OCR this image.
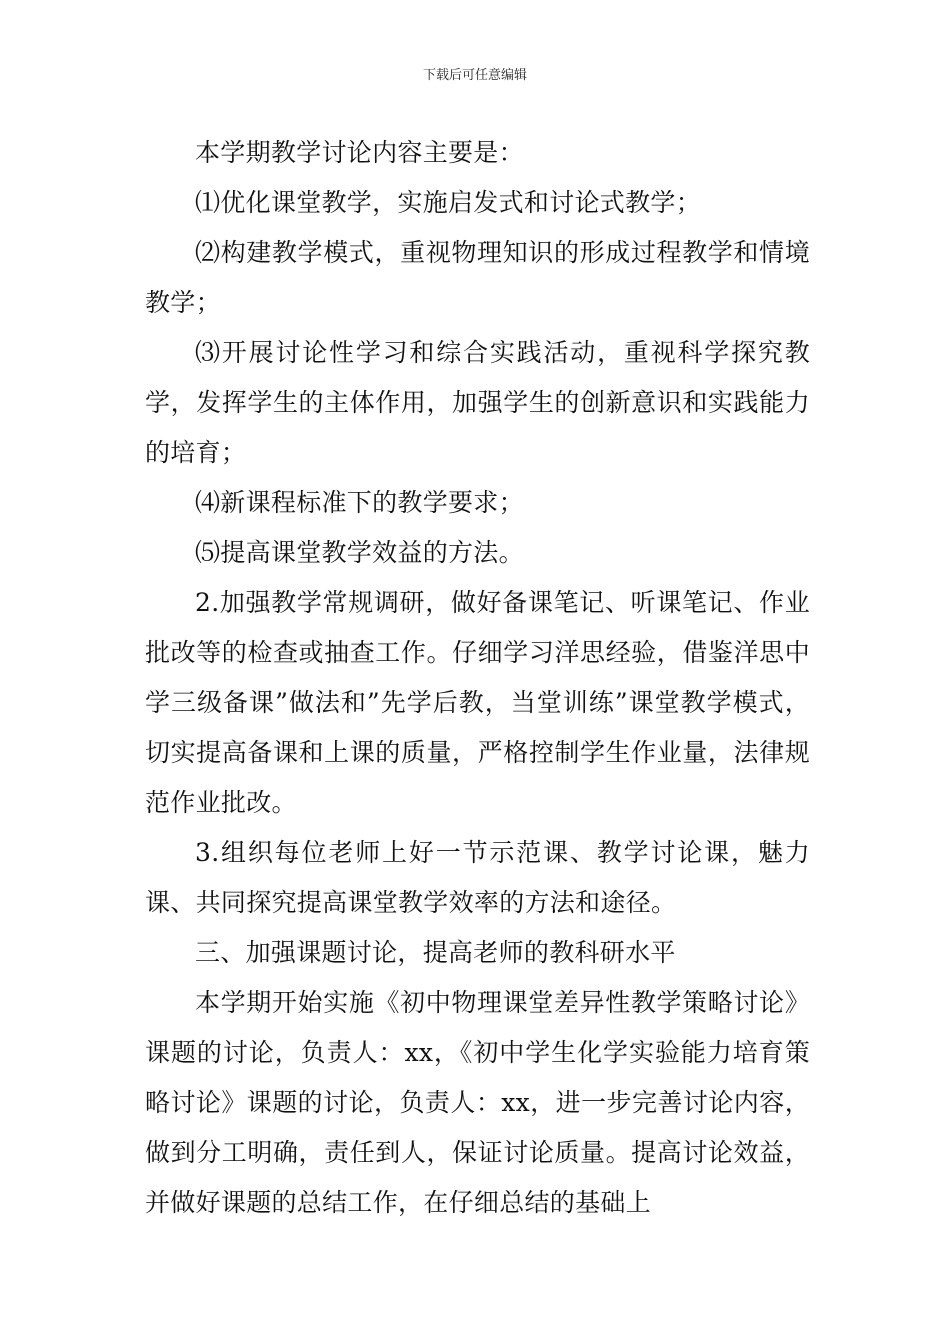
下载后可任意编辑

本学期教学讨论内容主要是：

⑴优化课堂教学，实施启发式和讨论式教学；

⑵构建教学模式，重视物理知识的形成过程教学和情境教学；

⑶开展讨论性学习和综合实践活动，重视科学探究教学，发挥学生的主体作用，加强学生的创新意识和实践能力的培育；

⑷新课程标准下的教学要求；

⑸提高课堂教学效益的方法。

2.加强教学常规调研，做好备课笔记、听课笔记、作业批改等的检查或抽查工作。仔细学习洋思经验，借鉴洋思中学三级备课”做法和”先学后教，当堂训练”课堂教学模式，切实提高备课和上课的质量，严格控制学生作业量，法律规范作业批改。

3.组织每位老师上好一节示范课、教学讨论课，魅力课、共同探究提高课堂教学效率的方法和途径。

三、加强课题讨论，提高老师的教科研水平

本学期开始实施《初中物理课堂差异性教学策略讨论》课题的讨论，负责人：xx，《初中学生化学实验能力培育策略讨论》课题的讨论，负责人：xx，进一步完善讨论内容，做到分工明确，责任到人，保证讨论质量。提高讨论效益，并做好课题的总结工作，在仔细总结的基础上
